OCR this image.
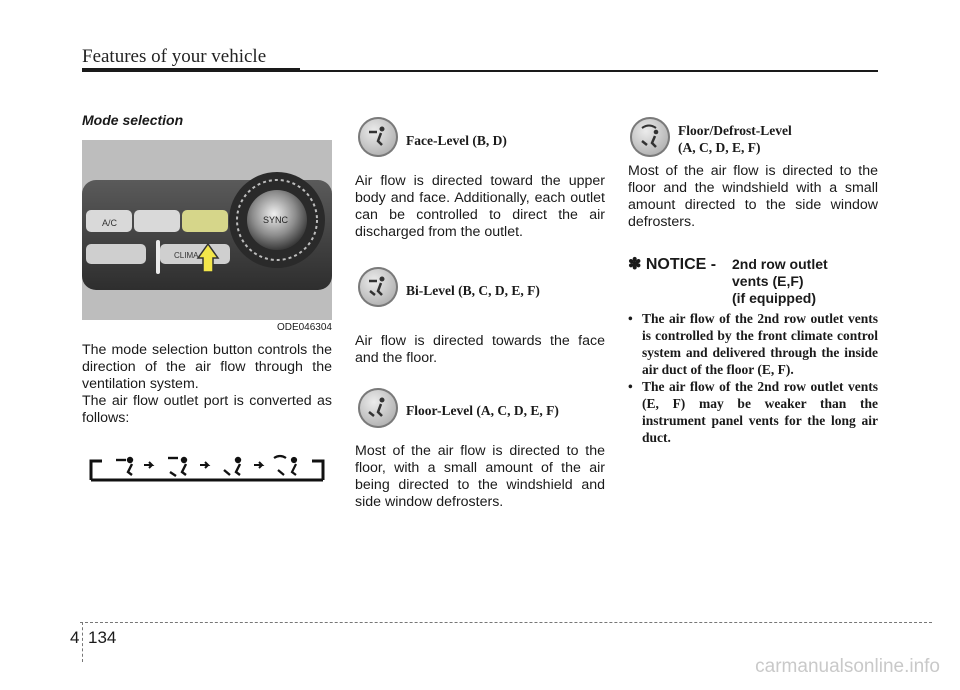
Features of your vehicle
Mode selection
A/C	SYNC
CLIMA
ODE046304
The mode selection button controls the direction of the air flow through the ventilation system.
The air flow outlet port is converted as follows:
Face-Level (B, D)
Air flow is directed toward the upper body and face. Additionally, each outlet can be controlled to direct the air discharged from the outlet.
Bi-Level (B, C, D, E, F)
Air flow is directed towards the face and the floor.
Floor-Level (A, C, D, E, F)
Most of the air flow is directed to the floor, with a small amount of the air being directed to the windshield and side window defrosters.
Floor/Defrost-Level
(A, C, D, E, F)
Most of the air flow is directed to the floor and the windshield with a small amount directed to the side window defrosters.
✽ NOTICE - 2nd row outlet
vents (E,F)
(if equipped)
• The air flow of the 2nd row outlet vents is controlled by the front climate control system and delivered through the inside air duct of the floor (E, F).
• The air flow of the 2nd row outlet vents (E, F) may be weaker than the instrument panel vents for the long air duct.
4 134
carmanualsonline.info
